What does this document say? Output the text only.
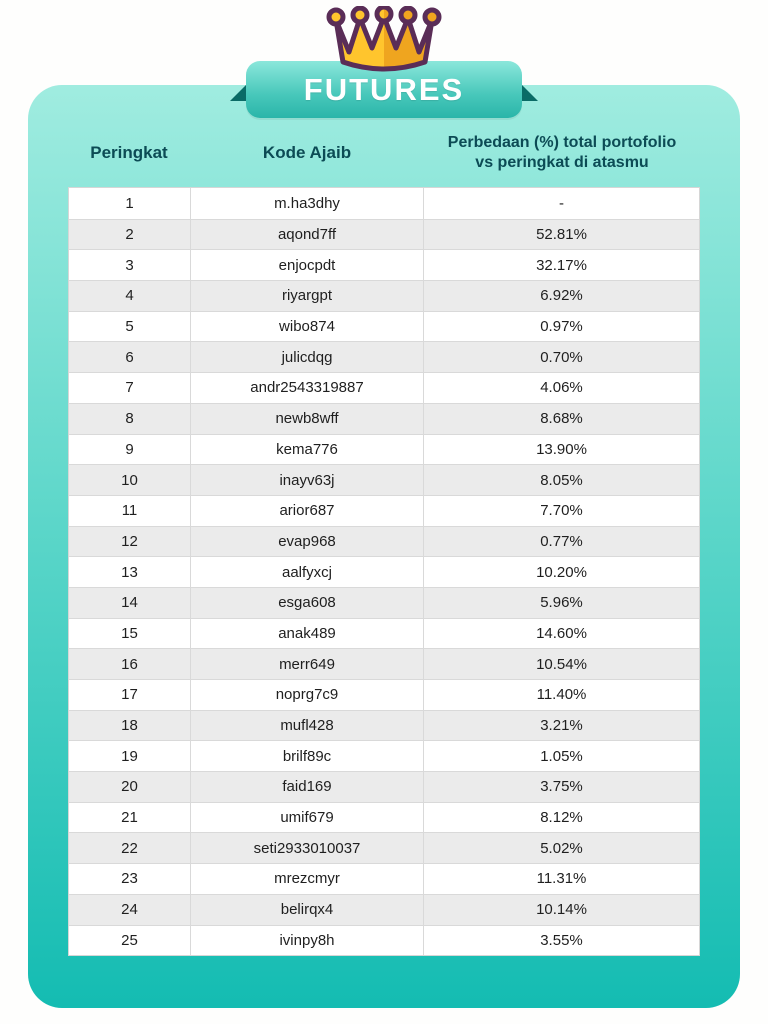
FUTURES
Peringkat	Kode Ajaib
Perbedaan (%) total portofolio
vs peringkat di atasmu
1	m.ha3dhy	-
2	aqond7ff	52.81%
3	enjocpdt	32.17%
4	riyargpt	6.92%
5	wibo874	0.97%
6	julicdqg	0.70%
7	andr2543319887	4.06%
8	newb8wff	8.68%
9	kema776	13.90%
10	inayv63j	8.05%
11	arior687	7.70%
12	evap968	0.77%
13	aalfyxcj	10.20%
14	esga608	5.96%
15	anak489	14.60%
16	merr649	10.54%
17	noprg7c9	11.40%
18	mufl428	3.21%
19	brilf89c	1.05%
20	faid169	3.75%
21	umif679	8.12%
22	seti2933010037	5.02%
23	mrezcmyr	11.31%
24	belirqx4	10.14%
25	ivinpy8h	3.55%
